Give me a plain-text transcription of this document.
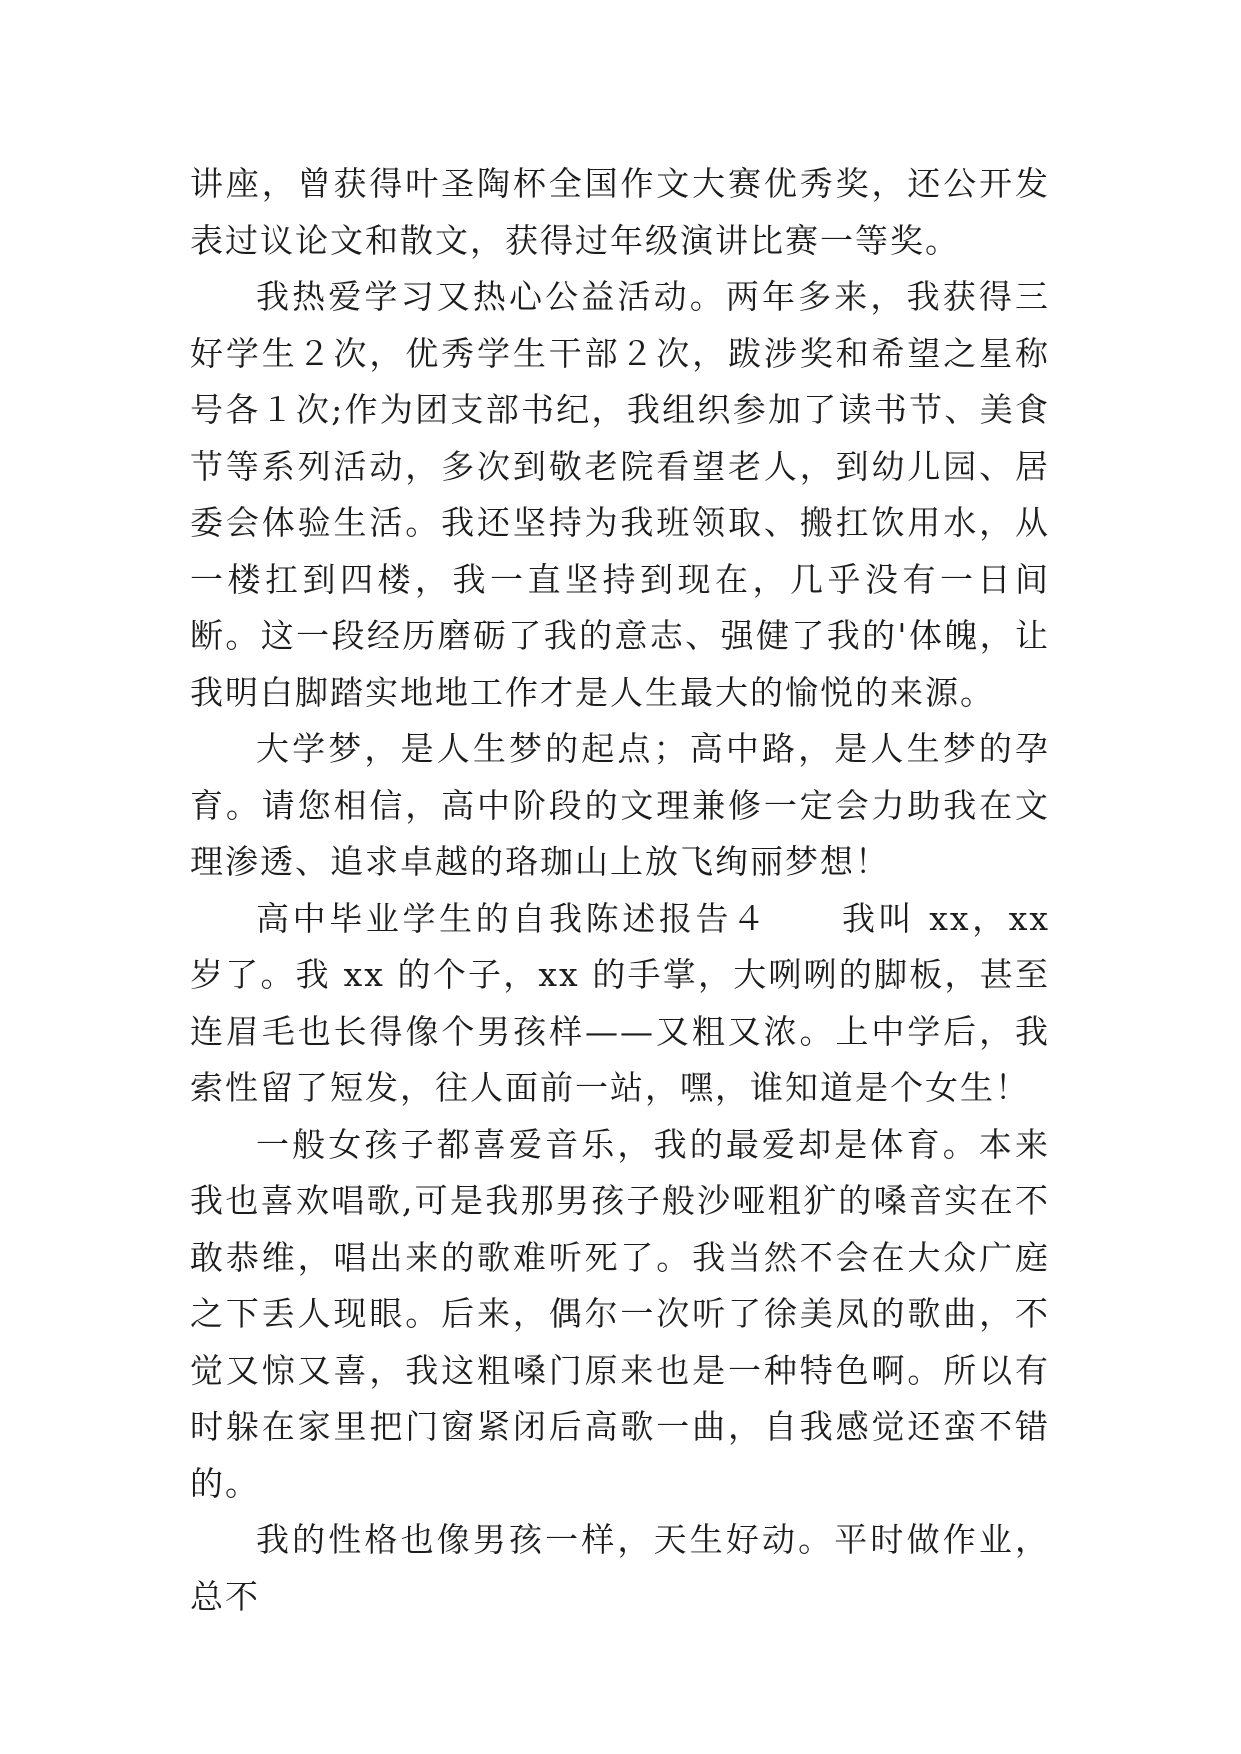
讲座，曾获得叶圣陶杯全国作文大赛优秀奖，还公开发表过议论文和散文，获得过年级演讲比赛一等奖。

我热爱学习又热心公益活动。两年多来，我获得三好学生２次，优秀学生干部２次，跋涉奖和希望之星称号各１次;作为团支部书纪，我组织参加了读书节、美食节等系列活动，多次到敬老院看望老人，到幼儿园、居委会体验生活。我还坚持为我班领取、搬扛饮用水，从一楼扛到四楼，我一直坚持到现在，几乎没有一日间断。这一段经历磨砺了我的意志、强健了我的'体魄，让我明白脚踏实地地工作才是人生最大的愉悦的来源。

大学梦，是人生梦的起点；高中路，是人生梦的孕育。请您相信，高中阶段的文理兼修一定会力助我在文理渗透、追求卓越的珞珈山上放飞绚丽梦想！

高中毕业学生的自我陈述报告４　　我叫 xx，xx 岁了。我 xx 的个子，xx 的手掌，大咧咧的脚板，甚至连眉毛也长得像个男孩样——又粗又浓。上中学后，我索性留了短发，往人面前一站，嘿，谁知道是个女生！

一般女孩子都喜爱音乐，我的最爱却是体育。本来我也喜欢唱歌,可是我那男孩子般沙哑粗犷的嗓音实在不敢恭维，唱出来的歌难听死了。我当然不会在大众广庭之下丢人现眼。后来，偶尔一次听了徐美凤的歌曲，不觉又惊又喜，我这粗嗓门原来也是一种特色啊。所以有时躲在家里把门窗紧闭后高歌一曲，自我感觉还蛮不错的。

我的性格也像男孩一样，天生好动。平时做作业，总不
